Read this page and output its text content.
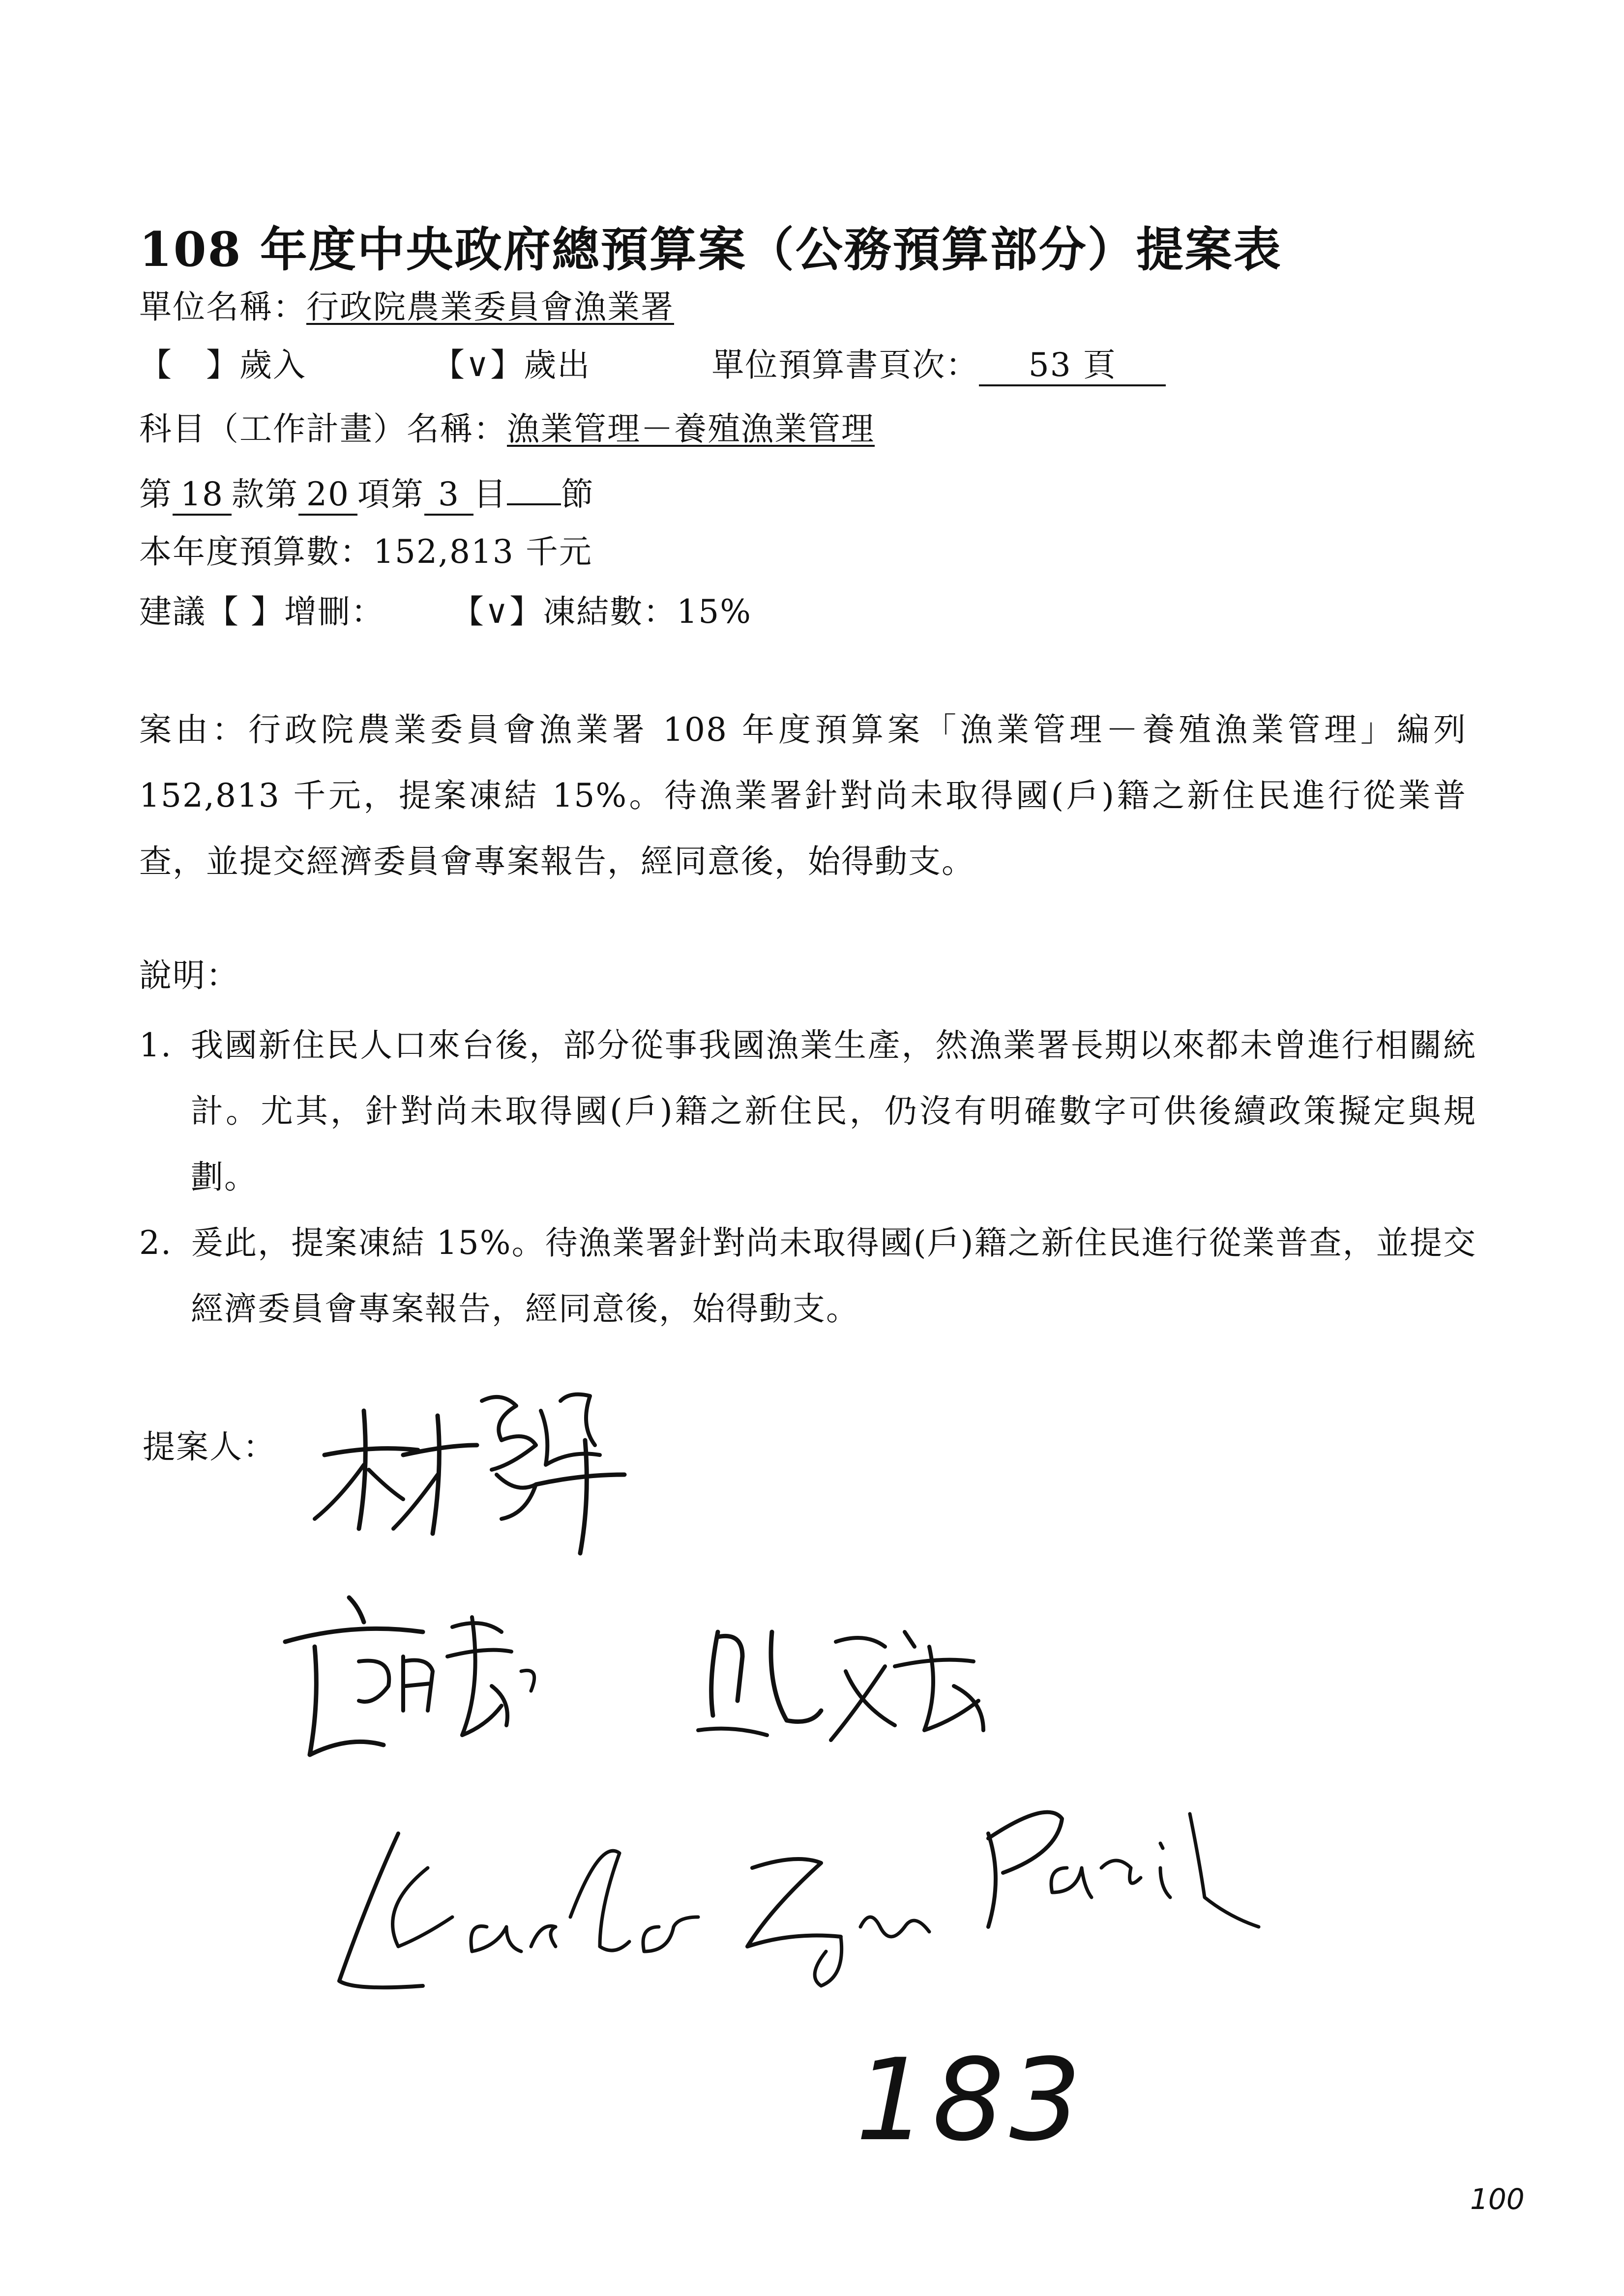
108 年度中央政府總預算案（公務預算部分）提案表
單位名稱：行政院農業委員會漁業署
【　】歲入	【∨】歲出	單位預算書頁次： 53 頁
科目（工作計畫）名稱：漁業管理－養殖漁業管理
第 18 款第 20 項第 3 目 節
本年度預算數：152,813 千元
建議【 】增刪： 【∨】凍結數：15%
案由：行政院農業委員會漁業署 108 年度預算案「漁業管理－養殖漁業管理」編列 152,813 千元，提案凍結 15%。待漁業署針對尚未取得國(戶)籍之新住民進行從業普查，並提交經濟委員會專案報告，經同意後，始得動支。
說明：
1. 我國新住民人口來台後，部分從事我國漁業生產，然漁業署長期以來都未曾進行相關統計。尤其，針對尚未取得國(戶)籍之新住民，仍沒有明確數字可供後續政策擬定與規劃。
2. 爰此，提案凍結 15%。待漁業署針對尚未取得國(戶)籍之新住民進行從業普查，並提交經濟委員會專案報告，經同意後，始得動支。
提案人：
183
100
